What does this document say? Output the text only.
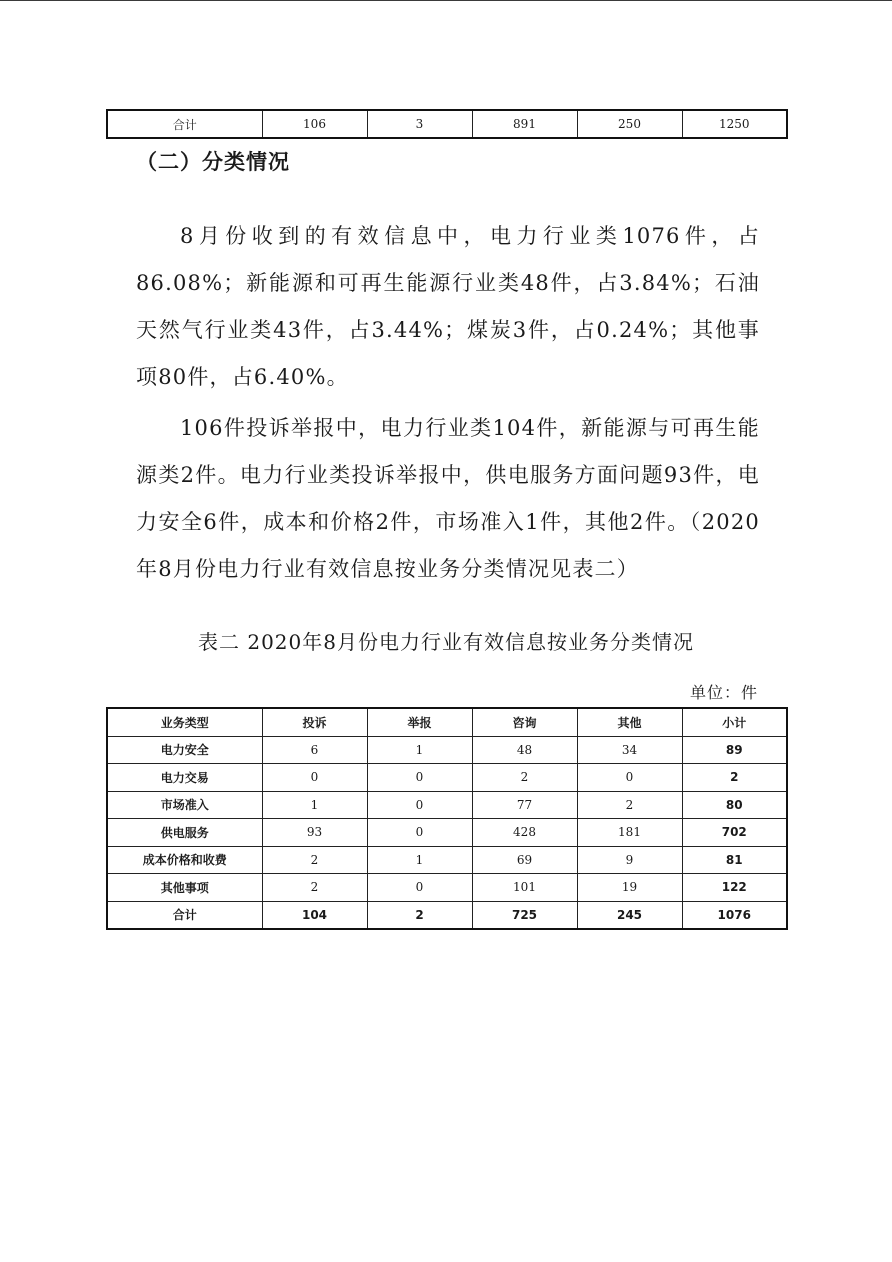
合计	106	3	891	250	1250
（二）分类情况

8月份收到的有效信息中，电力行业类1076件，占86.08%；新能源和可再生能源行业类48件，占3.84%；石油天然气行业类43件，占3.44%；煤炭3件，占0.24%；其他事项80件，占6.40%。

106件投诉举报中，电力行业类104件，新能源与可再生能源类2件。电力行业类投诉举报中，供电服务方面问题93件，电力安全6件，成本和价格2件，市场准入1件，其他2件。（2020年8月份电力行业有效信息按业务分类情况见表二）

表二 2020年8月份电力行业有效信息按业务分类情况
单位：件
业务类型	投诉	举报	咨询	其他	小计
电力安全	6	1	48	34	89
电力交易	0	0	2	0	2
市场准入	1	0	77	2	80
供电服务	93	0	428	181	702
成本价格和收费	2	1	69	9	81
其他事项	2	0	101	19	122
合计	104	2	725	245	1076
